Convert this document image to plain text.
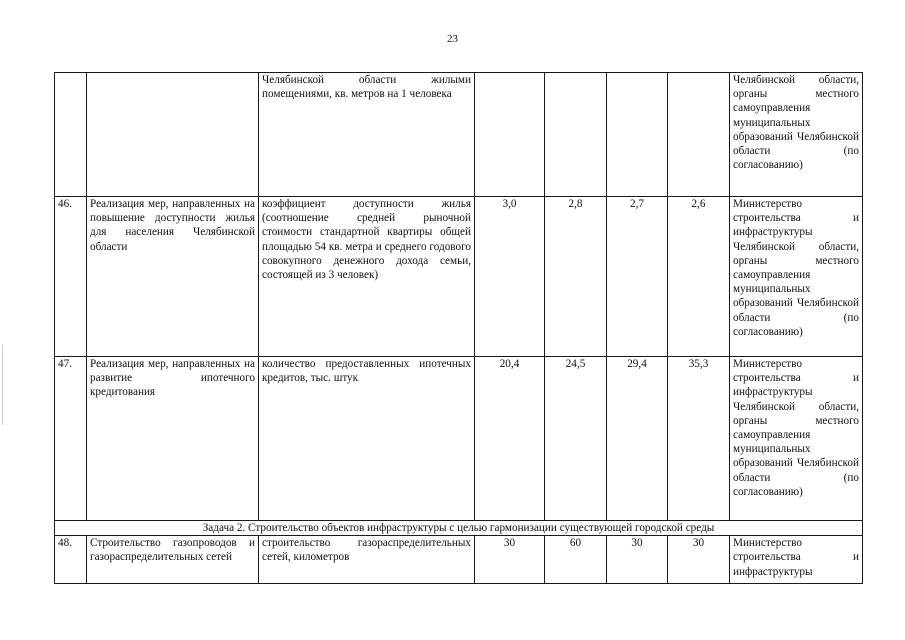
23
		Челябинской области жилыми помещениями, кв. метров на 1 человека					Челябинской области, органы местного самоуправления муниципальных образований Челябинской области (по согласованию)
46.	Реализация мер, направленных на повышение доступности жилья для населения Челябинской области	коэффициент доступности жилья (соотношение средней рыночной стоимости стандартной квартиры общей площадью 54 кв. метра и среднего годового совокупного денежного дохода семьи, состоящей из 3 человек)	3,0	2,8	2,7	2,6	Министерство строительства и инфраструктуры Челябинской области, органы местного самоуправления муниципальных образований Челябинской области (по согласованию)
47.	Реализация мер, направленных на развитие ипотечного кредитования	количество предоставленных ипотечных кредитов, тыс. штук	20,4	24,5	29,4	35,3	Министерство строительства и инфраструктуры Челябинской области, органы местного самоуправления муниципальных образований Челябинской области (по согласованию)
Задача 2. Строительство объектов инфраструктуры с целью гармонизации существующей городской среды							
48.	Строительство газопроводов и газораспределительных сетей	строительство газораспределительных сетей, километров	30	60	30	30	Министерство строительства и инфраструктуры
